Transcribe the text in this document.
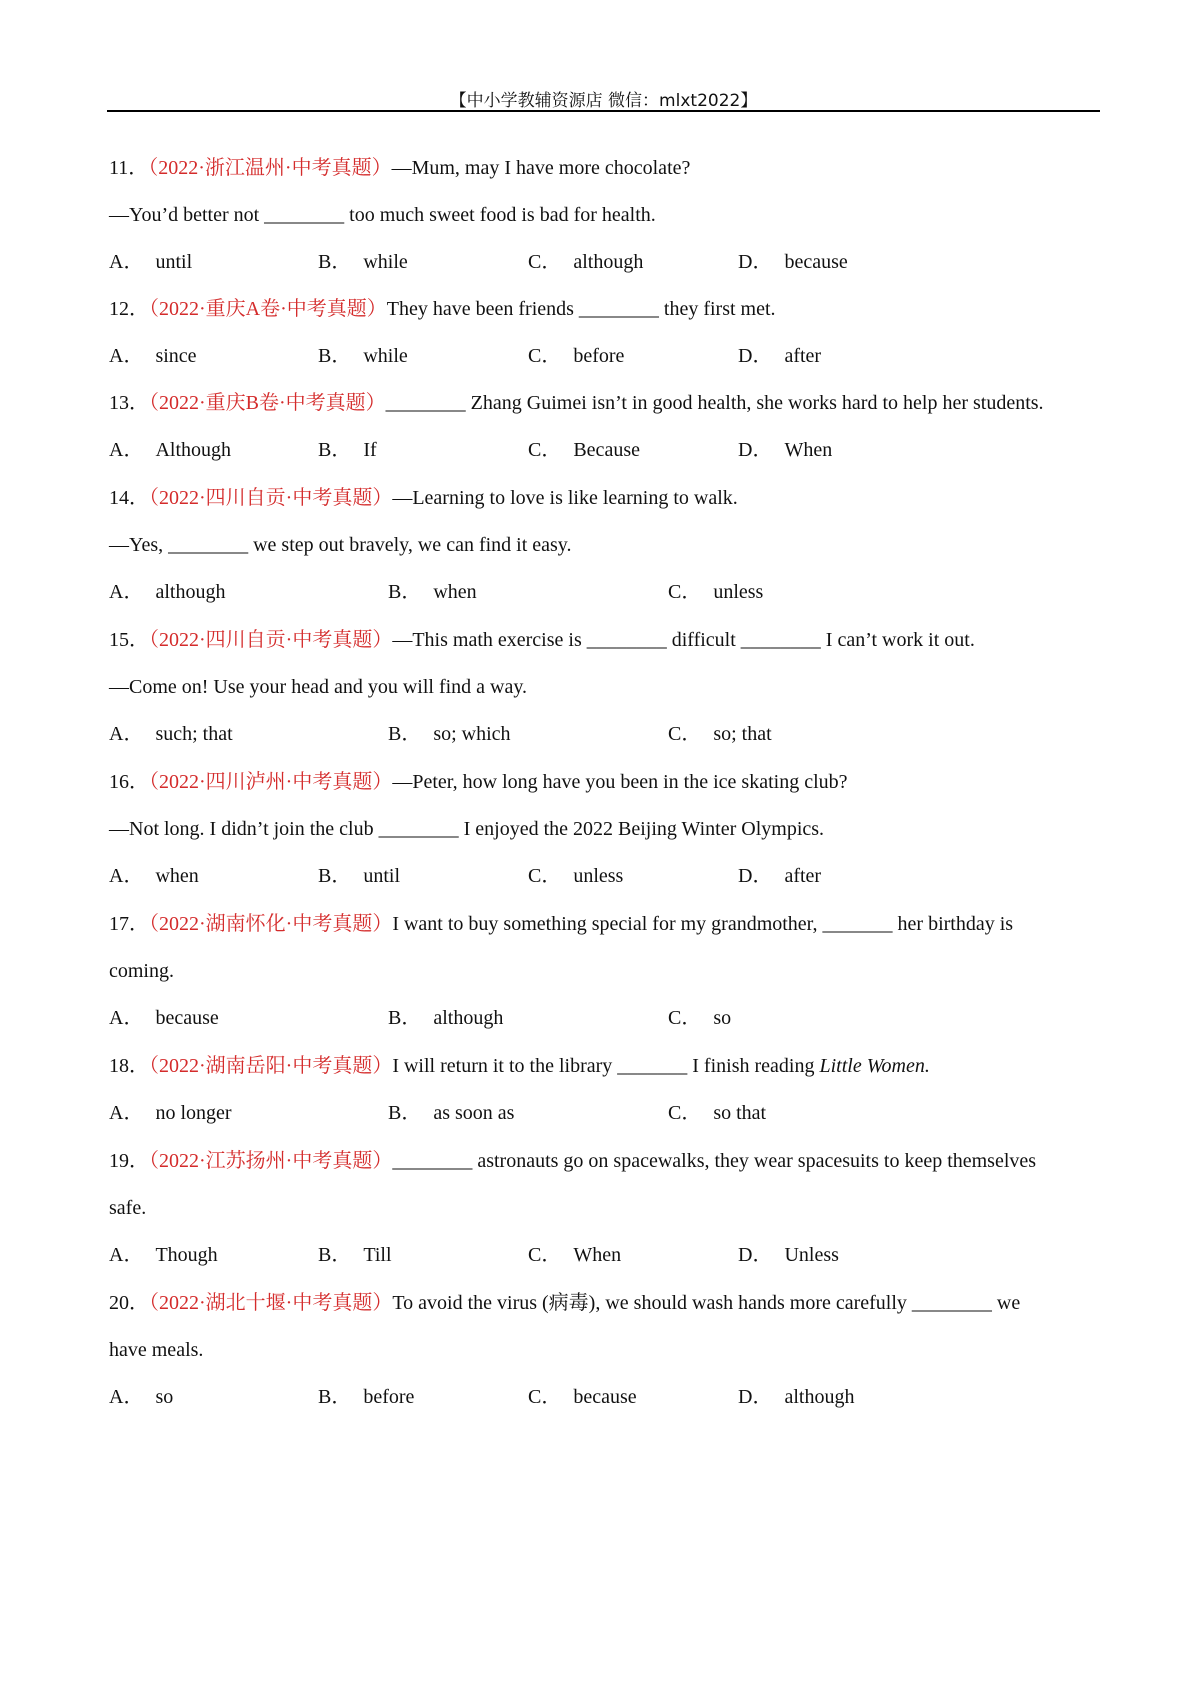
【中小学教辅资源店 微信：mlxt2022】
11．（2022·浙江温州·中考真题）—Mum, may I have more chocolate?
—You’d better not ________ too much sweet food is bad for health.
A． until	B． while	C． although	D． because
12．（2022·重庆A卷·中考真题）They have been friends ________ they first met.
A． since	B． while	C． before	D． after
13．（2022·重庆B卷·中考真题）________ Zhang Guimei isn’t in good health, she works hard to help her students.
A． Although	B． If	C． Because	D． When
14．（2022·四川自贡·中考真题）—Learning to love is like learning to walk.
—Yes, ________ we step out bravely, we can find it easy.
A． although	B． when	C． unless
15．（2022·四川自贡·中考真题）—This math exercise is ________ difficult ________ I can’t work it out.
—Come on! Use your head and you will find a way.
A． such; that	B． so; which	C． so; that
16．（2022·四川泸州·中考真题）—Peter, how long have you been in the ice skating club?
—Not long. I didn’t join the club ________ I enjoyed the 2022 Beijing Winter Olympics.
A． when	B． until	C． unless	D． after
17．（2022·湖南怀化·中考真题）I want to buy something special for my grandmother, _______ her birthday is
coming.
A． because	B． although	C． so
18．（2022·湖南岳阳·中考真题）I will return it to the library _______ I finish reading Little Women.
A． no longer	B． as soon as	C． so that
19．（2022·江苏扬州·中考真题）________ astronauts go on spacewalks, they wear spacesuits to keep themselves
safe.
A． Though	B． Till	C． When	D． Unless
20．（2022·湖北十堰·中考真题）To avoid the virus (病毒), we should wash hands more carefully ________ we
have meals.
A． so	B． before	C． because	D． although
